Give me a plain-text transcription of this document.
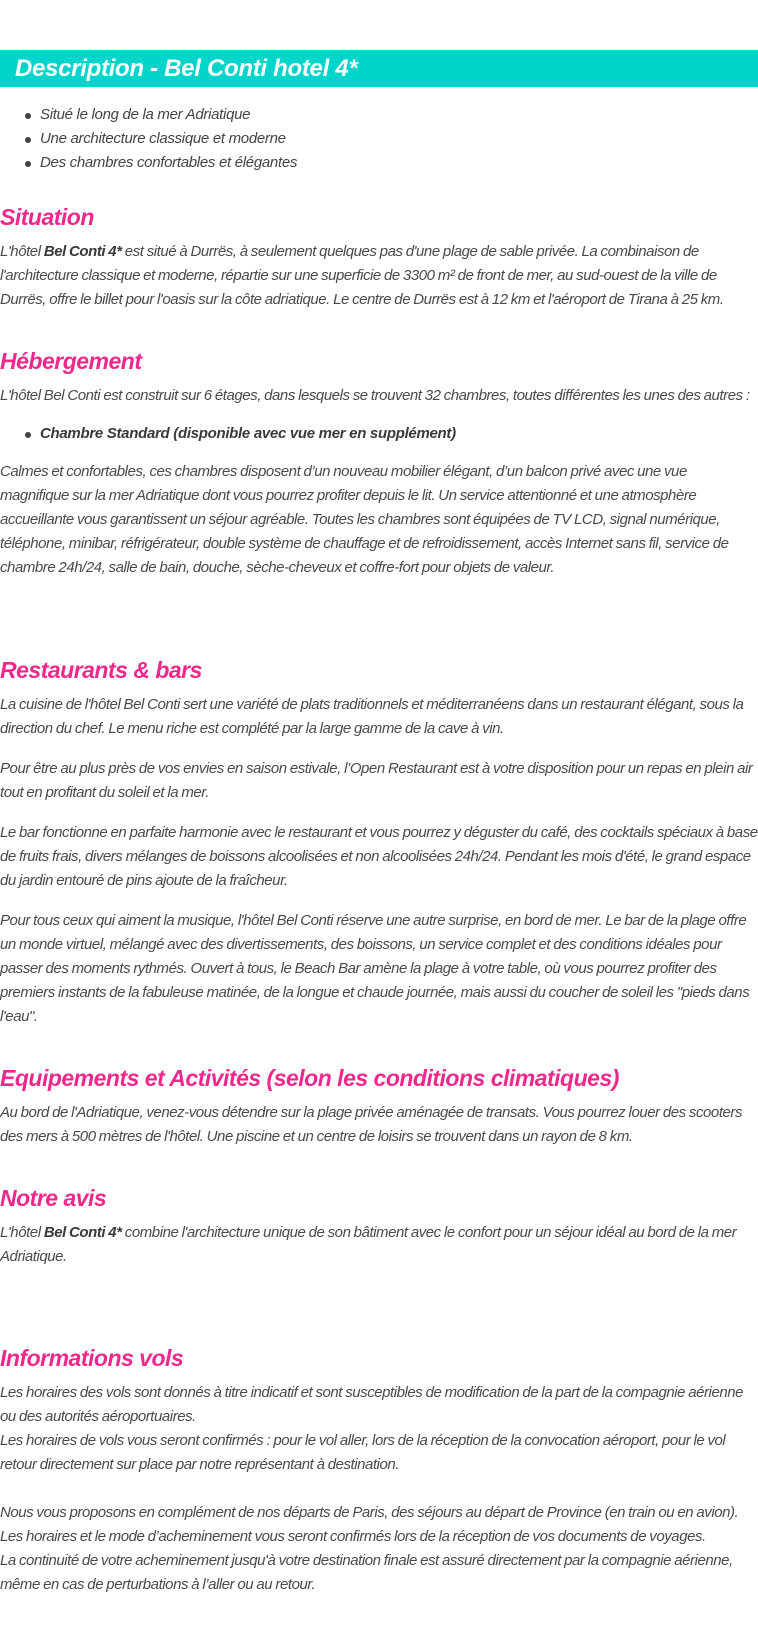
Description - Bel Conti hotel 4*
Situé le long de la mer Adriatique
Une architecture classique et moderne
Des chambres confortables et élégantes
Situation

L'hôtel Bel Conti 4* est situé à Durrës, à seulement quelques pas d'une plage de sable privée. La combinaison de l'architecture classique et moderne, répartie sur une superficie de 3300 m² de front de mer, au sud-ouest de la ville de Durrës, offre le billet pour l'oasis sur la côte adriatique. Le centre de Durrës est à 12 km et l'aéroport de Tirana à 25 km.

Hébergement

L'hôtel Bel Conti est construit sur 6 étages, dans lesquels se trouvent 32 chambres, toutes différentes les unes des autres :

Chambre Standard (disponible avec vue mer en supplément)

Calmes et confortables, ces chambres disposent d’un nouveau mobilier élégant, d’un balcon privé avec une vue magnifique sur la mer Adriatique dont vous pourrez profiter depuis le lit. Un service attentionné et une atmosphère accueillante vous garantissent un séjour agréable. Toutes les chambres sont équipées de TV LCD, signal numérique, téléphone, minibar, réfrigérateur, double système de chauffage et de refroidissement, accès Internet sans fil, service de chambre 24h/24, salle de bain, douche, sèche-cheveux et coffre-fort pour objets de valeur.

Restaurants & bars

La cuisine de l'hôtel Bel Conti sert une variété de plats traditionnels et méditerranéens dans un restaurant élégant, sous la direction du chef. Le menu riche est complété par la large gamme de la cave à vin.

Pour être au plus près de vos envies en saison estivale, l’Open Restaurant est à votre disposition pour un repas en plein air tout en profitant du soleil et la mer.

Le bar fonctionne en parfaite harmonie avec le restaurant et vous pourrez y déguster du café, des cocktails spéciaux à base de fruits frais, divers mélanges de boissons alcoolisées et non alcoolisées 24h/24. Pendant les mois d'été, le grand espace du jardin entouré de pins ajoute de la fraîcheur.

Pour tous ceux qui aiment la musique, l'hôtel Bel Conti réserve une autre surprise, en bord de mer. Le bar de la plage offre un monde virtuel, mélangé avec des divertissements, des boissons, un service complet et des conditions idéales pour passer des moments rythmés. Ouvert à tous, le Beach Bar amène la plage à votre table, où vous pourrez profiter des premiers instants de la fabuleuse matinée, de la longue et chaude journée, mais aussi du coucher de soleil les "pieds dans l'eau".

Equipements et Activités (selon les conditions climatiques)

Au bord de l'Adriatique, venez-vous détendre sur la plage privée aménagée de transats. Vous pourrez louer des scooters des mers à 500 mètres de l'hôtel. Une piscine et un centre de loisirs se trouvent dans un rayon de 8 km.

Notre avis

L'hôtel Bel Conti 4* combine l'architecture unique de son bâtiment avec le confort pour un séjour idéal au bord de la mer Adriatique.

Informations vols

Les horaires des vols sont donnés à titre indicatif et sont susceptibles de modification de la part de la compagnie aérienne ou des autorités aéroportuaires.
Les horaires de vols vous seront confirmés : pour le vol aller, lors de la réception de la convocation aéroport, pour le vol retour directement sur place par notre représentant à destination.

Nous vous proposons en complément de nos départs de Paris, des séjours au départ de Province (en train ou en avion).
Les horaires et le mode d’acheminement vous seront confirmés lors de la réception de vos documents de voyages.
La continuité de votre acheminement jusqu'à votre destination finale est assuré directement par la compagnie aérienne, même en cas de perturbations à l’aller ou au retour.
